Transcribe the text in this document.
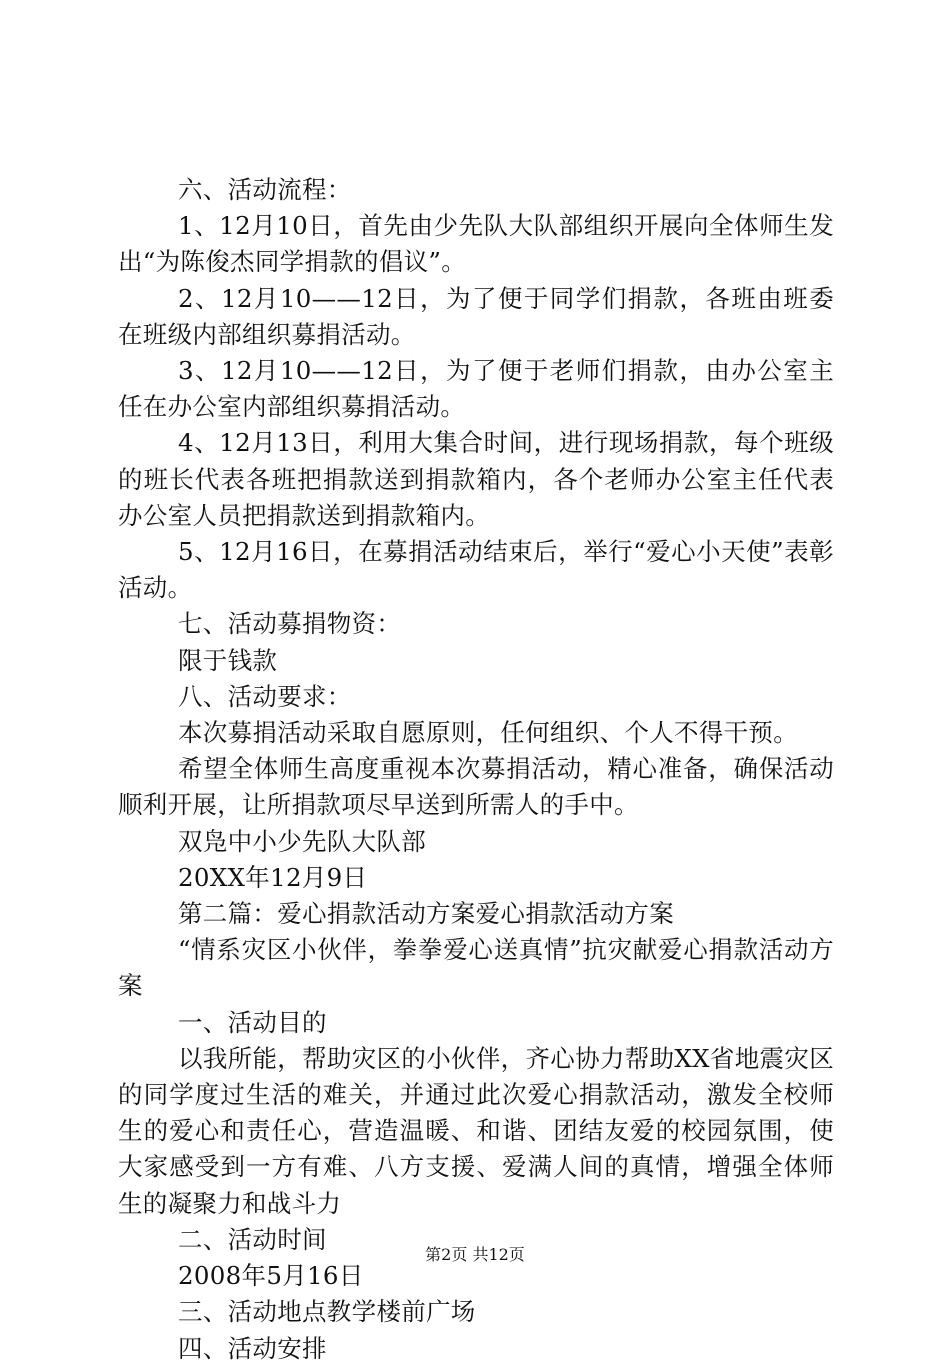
六、活动流程：

1、12月10日，首先由少先队大队部组织开展向全体师生发出“为陈俊杰同学捐款的倡议”。

2、12月10——12日，为了便于同学们捐款，各班由班委在班级内部组织募捐活动。

3、12月10——12日，为了便于老师们捐款，由办公室主任在办公室内部组织募捐活动。

4、12月13日，利用大集合时间，进行现场捐款，每个班级的班长代表各班把捐款送到捐款箱内，各个老师办公室主任代表办公室人员把捐款送到捐款箱内。

5、12月16日，在募捐活动结束后，举行“爱心小天使”表彰活动。

七、活动募捐物资：

限于钱款

八、活动要求：

本次募捐活动采取自愿原则，任何组织、个人不得干预。

希望全体师生高度重视本次募捐活动，精心准备，确保活动顺利开展，让所捐款项尽早送到所需人的手中。

双凫中小少先队大队部

20XX年12月9日

第二篇：爱心捐款活动方案爱心捐款活动方案

“情系灾区小伙伴，拳拳爱心送真情”抗灾献爱心捐款活动方案

一、活动目的

以我所能，帮助灾区的小伙伴，齐心协力帮助XX省地震灾区的同学度过生活的难关，并通过此次爱心捐款活动，激发全校师生的爱心和责任心，营造温暖、和谐、团结友爱的校园氛围，使大家感受到一方有难、八方支援、爱满人间的真情，增强全体师生的凝聚力和战斗力

二、活动时间

2008年5月16日

三、活动地点教学楼前广场

四、活动安排

第2页 共12页
